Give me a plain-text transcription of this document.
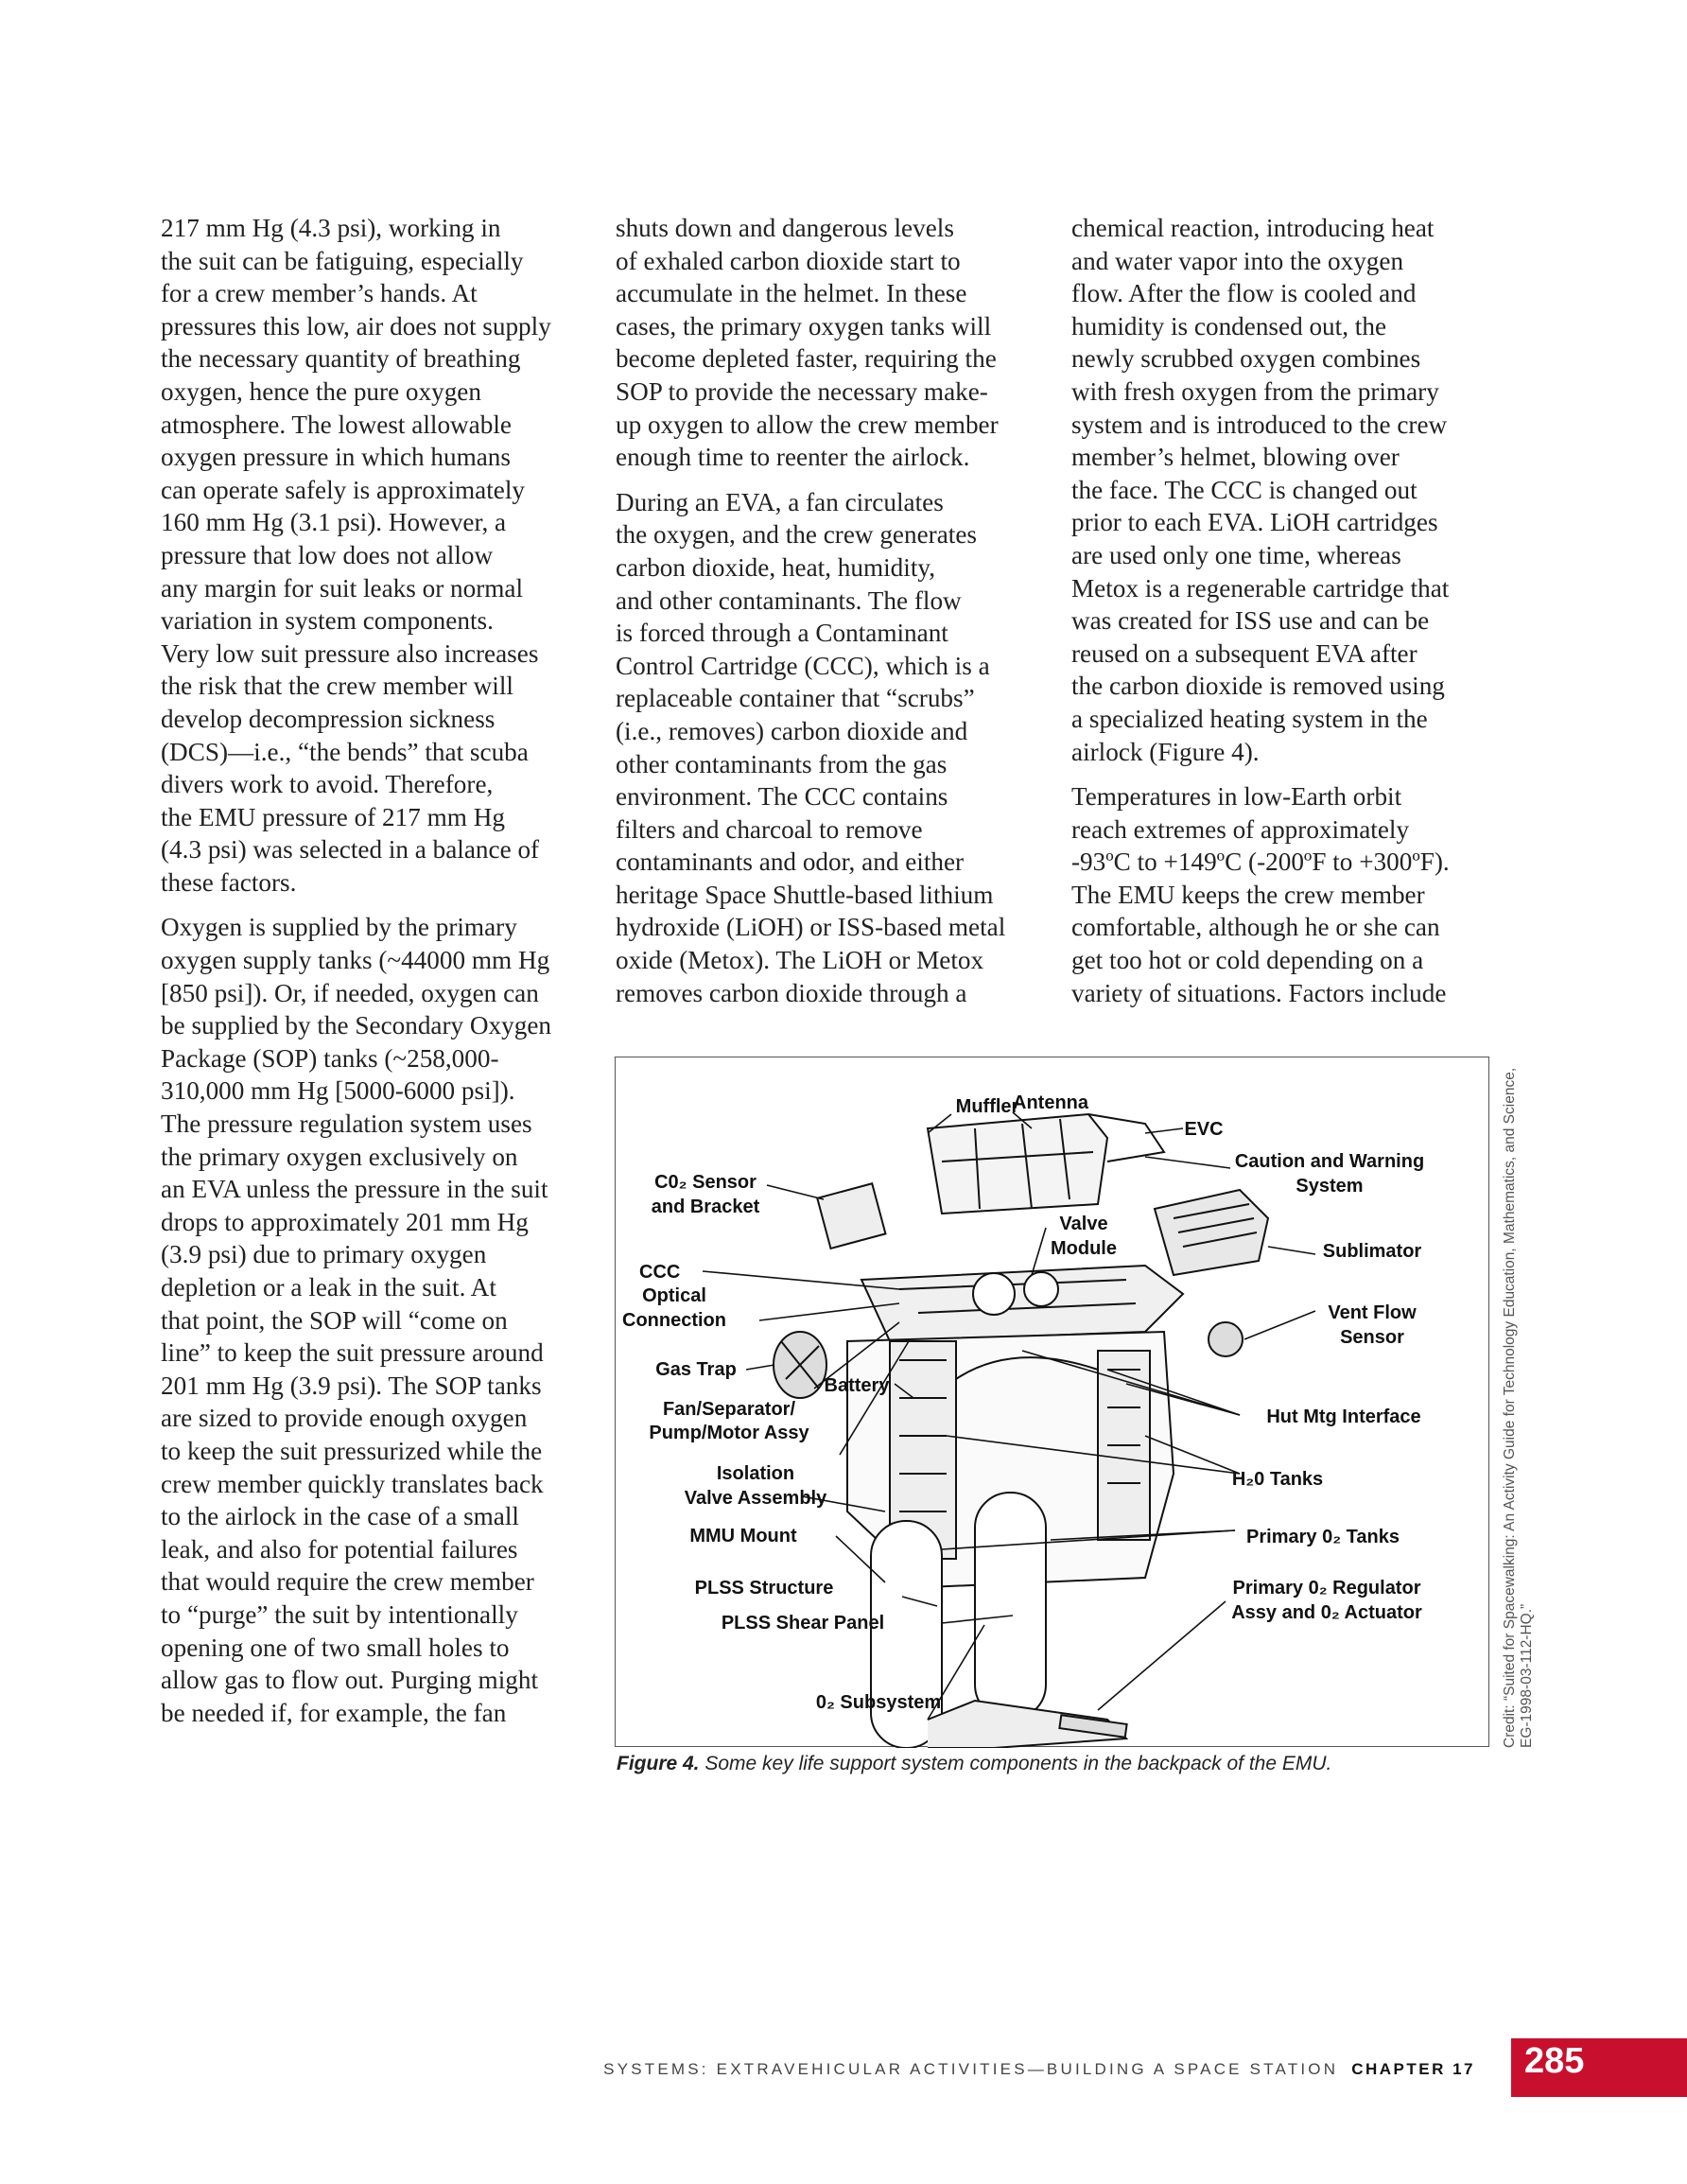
217 mm Hg (4.3 psi), working in
the suit can be fatiguing, especially
for a crew member’s hands. At
pressures this low, air does not supply
the necessary quantity of breathing
oxygen, hence the pure oxygen
atmosphere. The lowest allowable
oxygen pressure in which humans
can operate safely is approximately
160 mm Hg (3.1 psi). However, a
pressure that low does not allow
any margin for suit leaks or normal
variation in system components.
Very low suit pressure also increases
the risk that the crew member will
develop decompression sickness
(DCS)—i.e., “the bends” that scuba
divers work to avoid. Therefore,
the EMU pressure of 217 mm Hg
(4.3 psi) was selected in a balance of
these factors.

Oxygen is supplied by the primary
oxygen supply tanks (~44000 mm Hg
[850 psi]). Or, if needed, oxygen can
be supplied by the Secondary Oxygen
Package (SOP) tanks (~258,000-
310,000 mm Hg [5000-6000 psi]).
The pressure regulation system uses
the primary oxygen exclusively on
an EVA unless the pressure in the suit
drops to approximately 201 mm Hg
(3.9 psi) due to primary oxygen
depletion or a leak in the suit. At
that point, the SOP will “come on
line” to keep the suit pressure around
201 mm Hg (3.9 psi). The SOP tanks
are sized to provide enough oxygen
to keep the suit pressurized while the
crew member quickly translates back
to the airlock in the case of a small
leak, and also for potential failures
that would require the crew member
to “purge” the suit by intentionally
opening one of two small holes to
allow gas to flow out. Purging might
be needed if, for example, the fan

shuts down and dangerous levels
of exhaled carbon dioxide start to
accumulate in the helmet. In these
cases, the primary oxygen tanks will
become depleted faster, requiring the
SOP to provide the necessary make-
up oxygen to allow the crew member
enough time to reenter the airlock.

During an EVA, a fan circulates
the oxygen, and the crew generates
carbon dioxide, heat, humidity,
and other contaminants. The flow
is forced through a Contaminant
Control Cartridge (CCC), which is a
replaceable container that “scrubs”
(i.e., removes) carbon dioxide and
other contaminants from the gas
environment. The CCC contains
filters and charcoal to remove
contaminants and odor, and either
heritage Space Shuttle-based lithium
hydroxide (LiOH) or ISS-based metal
oxide (Metox). The LiOH or Metox
removes carbon dioxide through a

chemical reaction, introducing heat
and water vapor into the oxygen
flow. After the flow is cooled and
humidity is condensed out, the
newly scrubbed oxygen combines
with fresh oxygen from the primary
system and is introduced to the crew
member’s helmet, blowing over
the face. The CCC is changed out
prior to each EVA. LiOH cartridges
are used only one time, whereas
Metox is a regenerable cartridge that
was created for ISS use and can be
reused on a subsequent EVA after
the carbon dioxide is removed using
a specialized heating system in the
airlock (Figure 4).

Temperatures in low-Earth orbit
reach extremes of approximately
-93ºC to +149ºC (-200ºF to +300ºF).
The EMU keeps the crew member
comfortable, although he or she can
get too hot or cold depending on a
variety of situations. Factors include

Muffler
Antenna
EVC
Caution and Warning
System
C0₂ Sensor
and Bracket
Valve
Module	Sublimator
CCC
Optical
Connection	Vent Flow
Sensor
Gas Trap
Battery
Fan/Separator/
Pump/Motor Assy
Hut Mtg Interface
Isolation
Valve Assembly
H₂0 Tanks
MMU Mount	Primary 0₂ Tanks
PLSS Structure	Primary 0₂ Regulator
Assy and 0₂ Actuator
PLSS Shear Panel
0₂ Subsystem
Figure 4. Some key life support system components in the backpack of the EMU.
Credit: “Suited for Spacewalking: An Activity Guide for Technology Education, Mathematics, and Science, EG-1998-03-112-HQ.”
SYSTEMS: EXTRAVEHICULAR ACTIVITIES—BUILDING A SPACE STATION CHAPTER 17 285
